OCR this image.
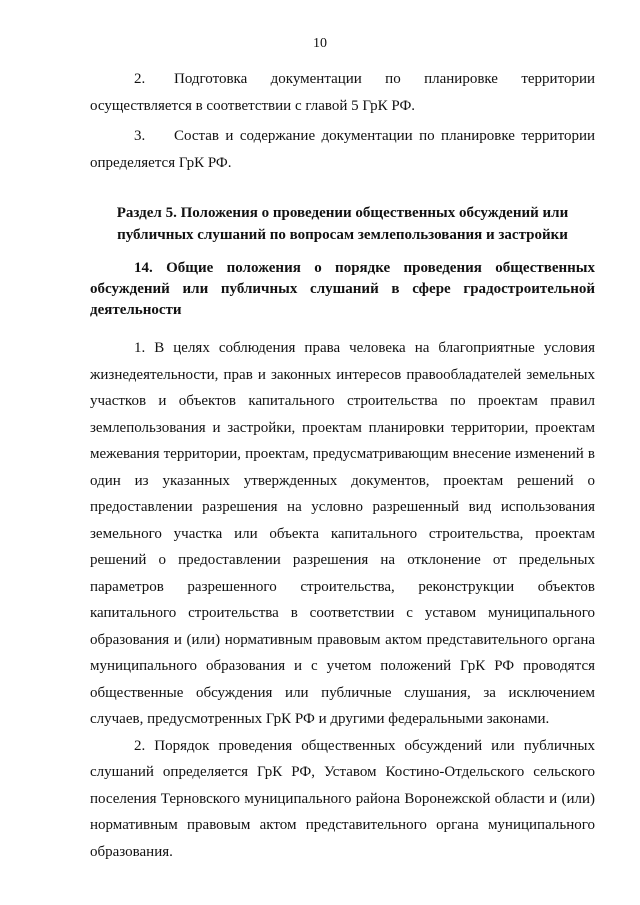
10

2. Подготовка документации по планировке территории осуществляется в соответствии с главой 5 ГрК РФ.

3. Состав и содержание документации по планировке территории определяется ГрК РФ.

Раздел 5. Положения о проведении общественных обсуждений или публичных слушаний по вопросам землепользования и застройки
14. Общие положения о порядке проведения общественных обсуждений или публичных слушаний в сфере градостроительной деятельности

1. В целях соблюдения права человека на благоприятные условия жизнедеятельности, прав и законных интересов правообладателей земельных участков и объектов капитального строительства по проектам правил землепользования и застройки, проектам планировки территории, проектам межевания территории, проектам, предусматривающим внесение изменений в один из указанных утвержденных документов, проектам решений о предоставлении разрешения на условно разрешенный вид использования земельного участка или объекта капитального строительства, проектам решений о предоставлении разрешения на отклонение от предельных параметров разрешенного строительства, реконструкции объектов капитального строительства в соответствии с уставом муниципального образования и (или) нормативным правовым актом представительного органа муниципального образования и с учетом положений ГрК РФ проводятся общественные обсуждения или публичные слушания, за исключением случаев, предусмотренных ГрК РФ и другими федеральными законами.

2. Порядок проведения общественных обсуждений или публичных слушаний определяется ГрК РФ, Уставом Костино-Отдельского сельского поселения Терновского муниципального района Воронежской области и (или) нормативным правовым актом представительного органа муниципального образования.
